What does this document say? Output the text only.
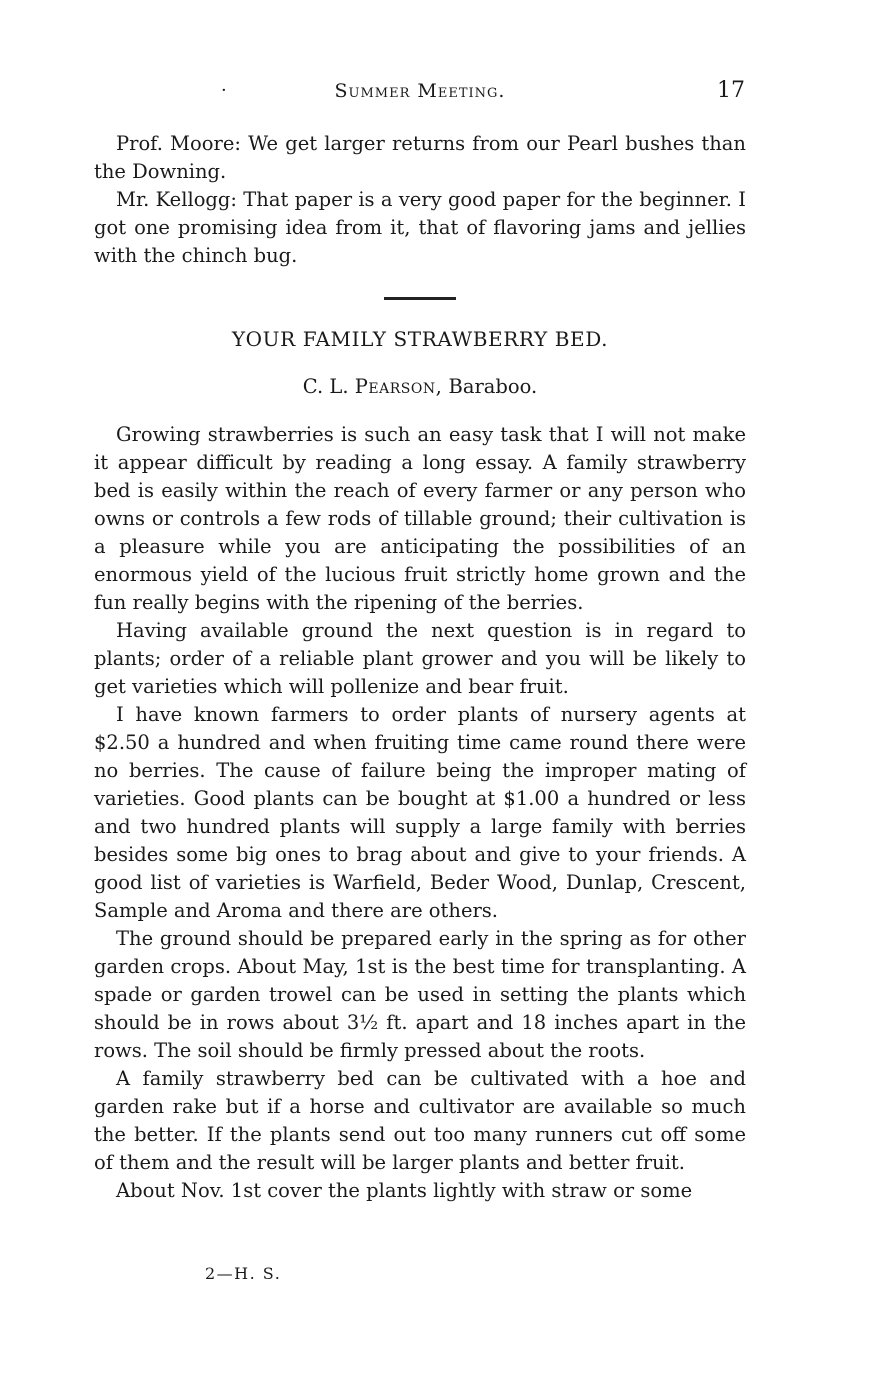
·	Summer Meeting.	17

Prof. Moore: We get larger returns from our Pearl bushes than the Downing.

Mr. Kellogg: That paper is a very good paper for the beginner. I got one promising idea from it, that of flavoring jams and jellies with the chinch bug.

YOUR FAMILY STRAWBERRY BED.
C. L. Pearson, Baraboo.

Growing strawberries is such an easy task that I will not make it appear difficult by reading a long essay. A family strawberry bed is easily within the reach of every farmer or any person who owns or controls a few rods of tillable ground; their cultivation is a pleasure while you are anticipating the possibilities of an enormous yield of the lucious fruit strictly home grown and the fun really begins with the ripening of the berries.

Having available ground the next question is in regard to plants; order of a reliable plant grower and you will be likely to get varieties which will pollenize and bear fruit.

I have known farmers to order plants of nursery agents at $2.50 a hundred and when fruiting time came round there were no berries. The cause of failure being the improper mating of varieties. Good plants can be bought at $1.00 a hundred or less and two hundred plants will supply a large family with berries besides some big ones to brag about and give to your friends. A good list of varieties is Warfield, Beder Wood, Dunlap, Crescent, Sample and Aroma and there are others.

The ground should be prepared early in the spring as for other garden crops. About May, 1st is the best time for transplanting. A spade or garden trowel can be used in setting the plants which should be in rows about 3½ ft. apart and 18 inches apart in the rows. The soil should be firmly pressed about the roots.

A family strawberry bed can be cultivated with a hoe and garden rake but if a horse and cultivator are available so much the better. If the plants send out too many runners cut off some of them and the result will be larger plants and better fruit.

About Nov. 1st cover the plants lightly with straw or some

2—H. S.
